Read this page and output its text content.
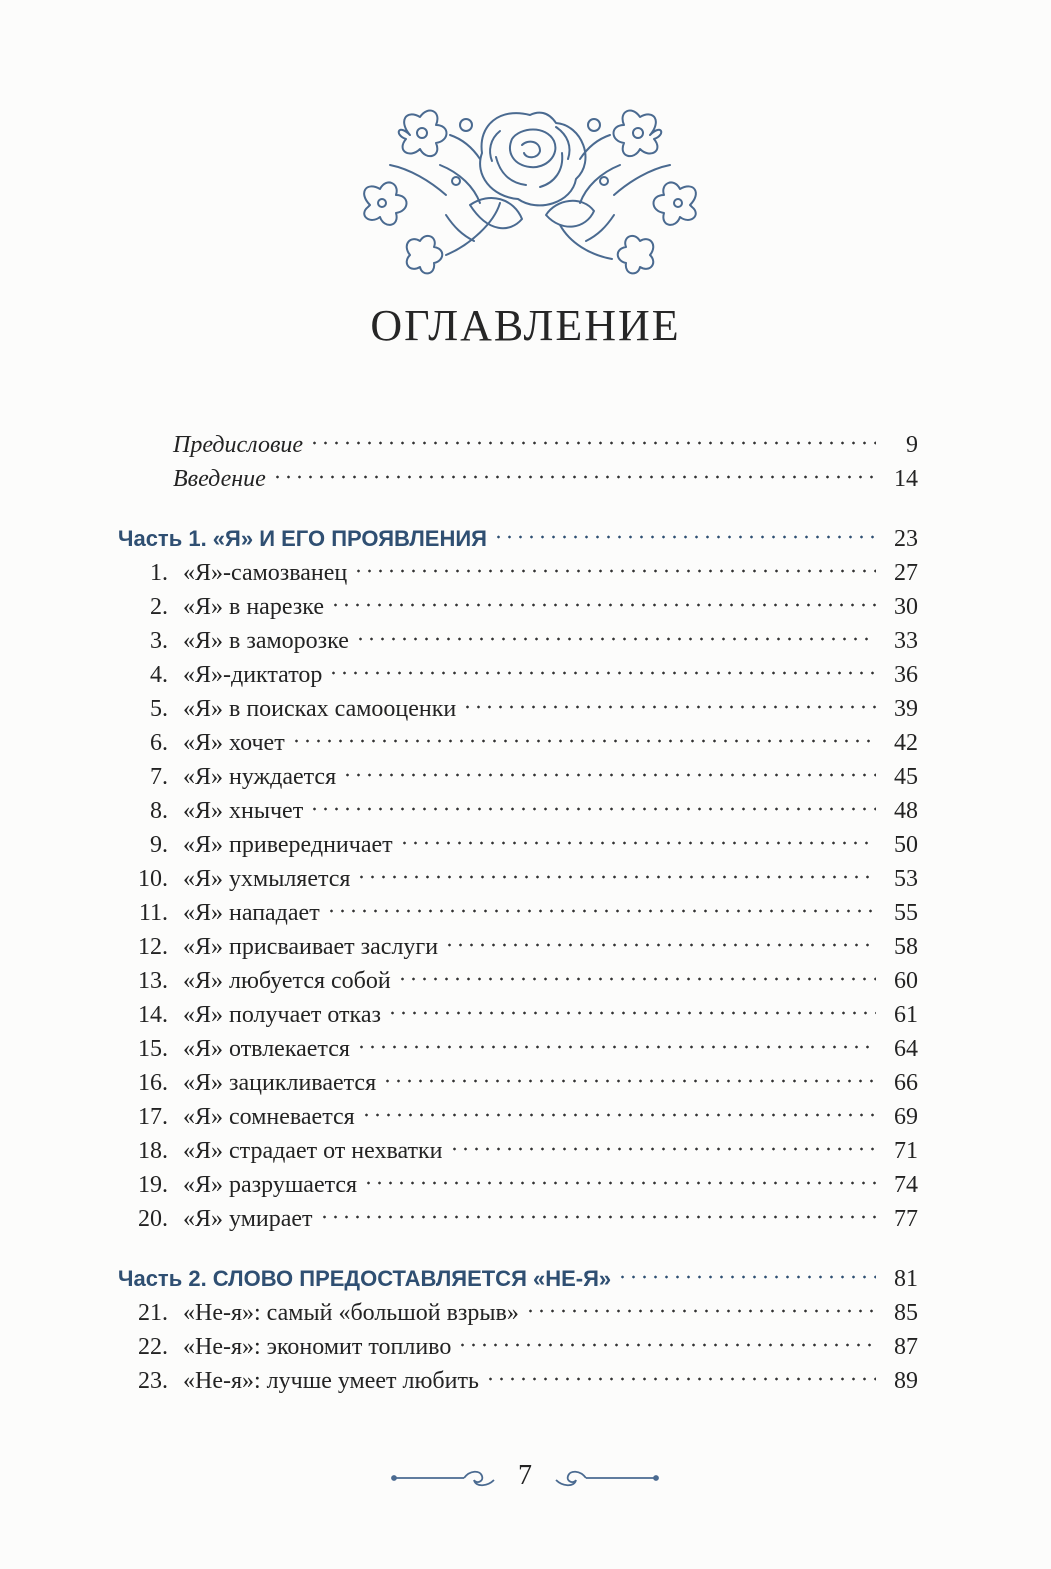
ОГЛАВЛЕНИЕ
Предисловие	9
Введение	14
Часть 1. «Я» И ЕГО ПРОЯВЛЕНИЯ	23
1. «Я»-самозванец	27
2. «Я» в нарезке	30
3. «Я» в заморозке	33
4. «Я»-диктатор	36
5. «Я» в поисках самооценки	39
6. «Я» хочет	42
7. «Я» нуждается	45
8. «Я» хнычет	48
9. «Я» привередничает	50
10. «Я» ухмыляется	53
11. «Я» нападает	55
12. «Я» присваивает заслуги	58
13. «Я» любуется собой	60
14. «Я» получает отказ	61
15. «Я» отвлекается	64
16. «Я» зацикливается	66
17. «Я» сомневается	69
18. «Я» страдает от нехватки	71
19. «Я» разрушается	74
20. «Я» умирает	77
Часть 2. СЛОВО ПРЕДОСТАВЛЯЕТСЯ «НЕ-Я»	81
21. «Не-я»: самый «большой взрыв»	85
22. «Не-я»: экономит топливо	87
23. «Не-я»: лучше умеет любить	89
7
